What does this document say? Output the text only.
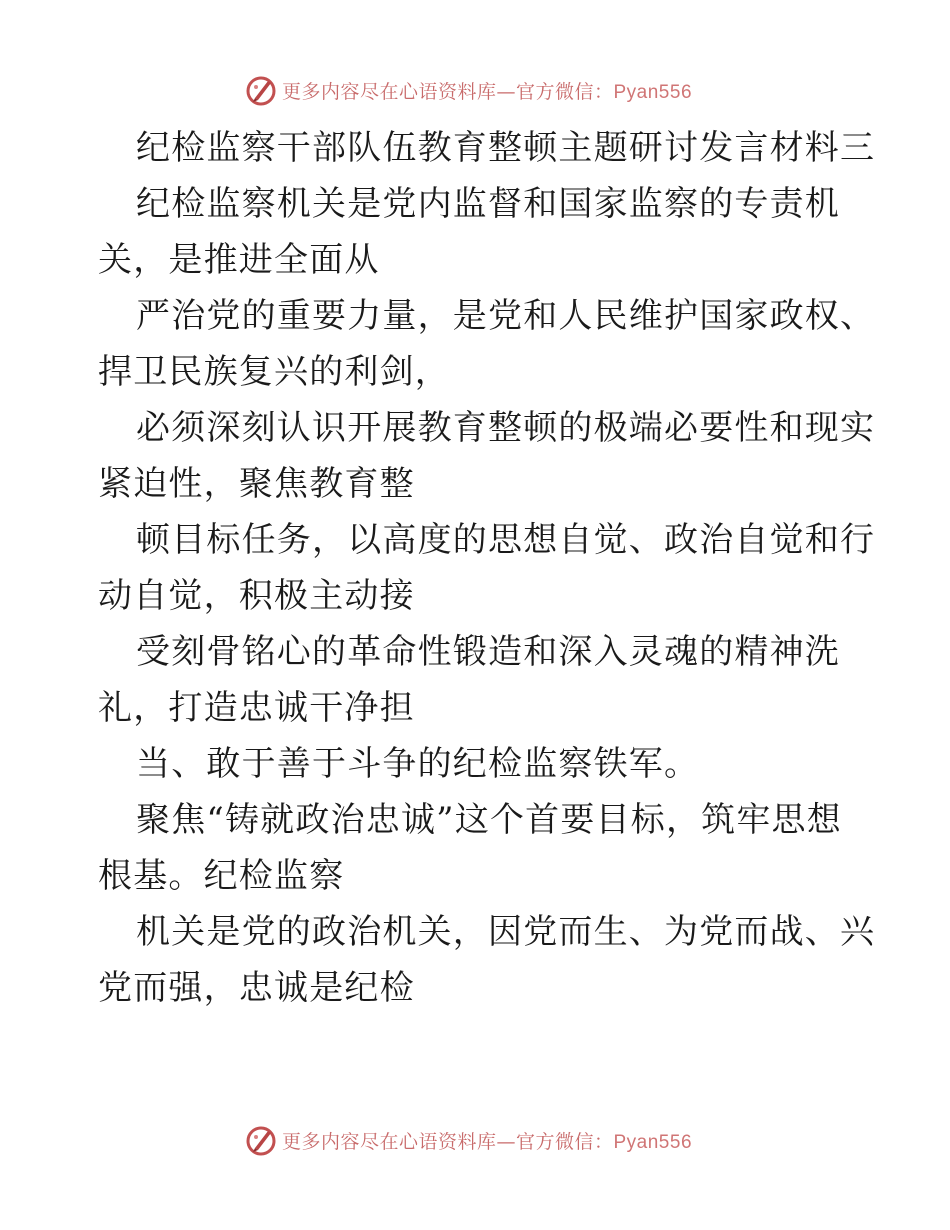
更多内容尽在心语资料库—官方微信：Pyan556
纪检监察干部队伍教育整顿主题研讨发言材料三
纪检监察机关是党内监督和国家监察的专责机
关，是推进全面从
严治党的重要力量，是党和人民维护国家政权、
捍卫民族复兴的利剑，
必须深刻认识开展教育整顿的极端必要性和现实
紧迫性，聚焦教育整
顿目标任务，以高度的思想自觉、政治自觉和行
动自觉，积极主动接
受刻骨铭心的革命性锻造和深入灵魂的精神洗
礼，打造忠诚干净担
当、敢于善于斗争的纪检监察铁军。
聚焦“铸就政治忠诚”这个首要目标，筑牢思想
根基。纪检监察
机关是党的政治机关，因党而生、为党而战、兴
党而强，忠诚是纪检
更多内容尽在心语资料库—官方微信：Pyan556
